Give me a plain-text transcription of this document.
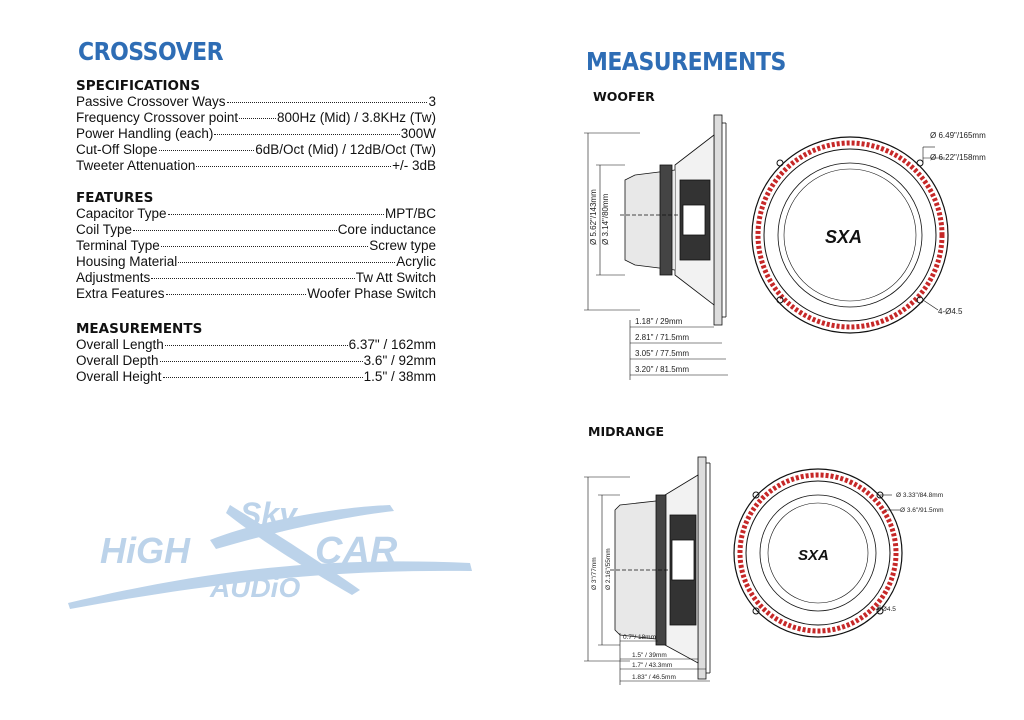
CROSSOVER
SPECIFICATIONS
Passive Crossover Ways	3
Frequency Crossover point	800Hz (Mid) / 3.8KHz (Tw)
Power Handling (each)	300W
Cut-Off Slope	6dB/Oct (Mid) / 12dB/Oct (Tw)
Tweeter Attenuation	+/- 3dB
FEATURES
Capacitor Type	MPT/BC
Coil Type	Core inductance
Terminal Type	Screw type
Housing Material	Acrylic
Adjustments	Tw Att Switch
Extra Features	Woofer Phase Switch
MEASUREMENTS
Overall Length	6.37" / 162mm
Overall Depth	3.6" / 92mm
Overall Height	1.5" / 38mm
HiGH
Sky
CAR
AUDiO
MEASUREMENTS
WOOFER
Ø 5.62"/143mm Ø 3.14"/80mm
1.18" / 29mm
2.81" / 71.5mm
3.05" / 77.5mm
3.20" / 81.5mm
SXA
Ø 6.49"/165mm
Ø 6.22"/158mm
4-Ø4.5
MIDRANGE
Ø 3"/77mm Ø 2.16"/55mm
0.7"/ 18mm
1.5" / 39mm
1.7" / 43.3mm
1.83" / 46.5mm
SXA
Ø 3.33"/84.8mm
Ø 3.6"/91.5mm
4-Ø4.5
